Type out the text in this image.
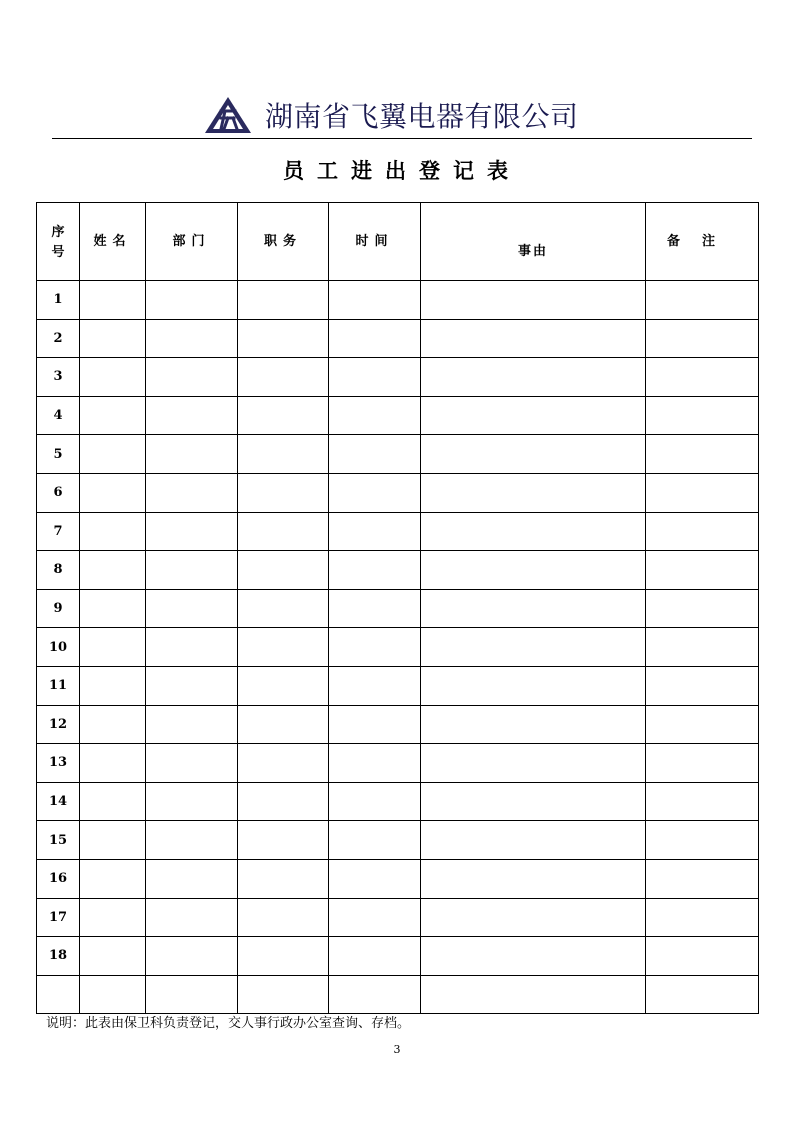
湖南省飞翼电器有限公司
员工进出登记表
序号	姓名	部门	职务	时间	事由	备注

1						
2						
3						
4						
5						
6						
7						
8						
9						
10						
11						
12						
13						
14						
15						
16						
17						
18						

说明：此表由保卫科负责登记，交人事行政办公室查询、存档。
3
